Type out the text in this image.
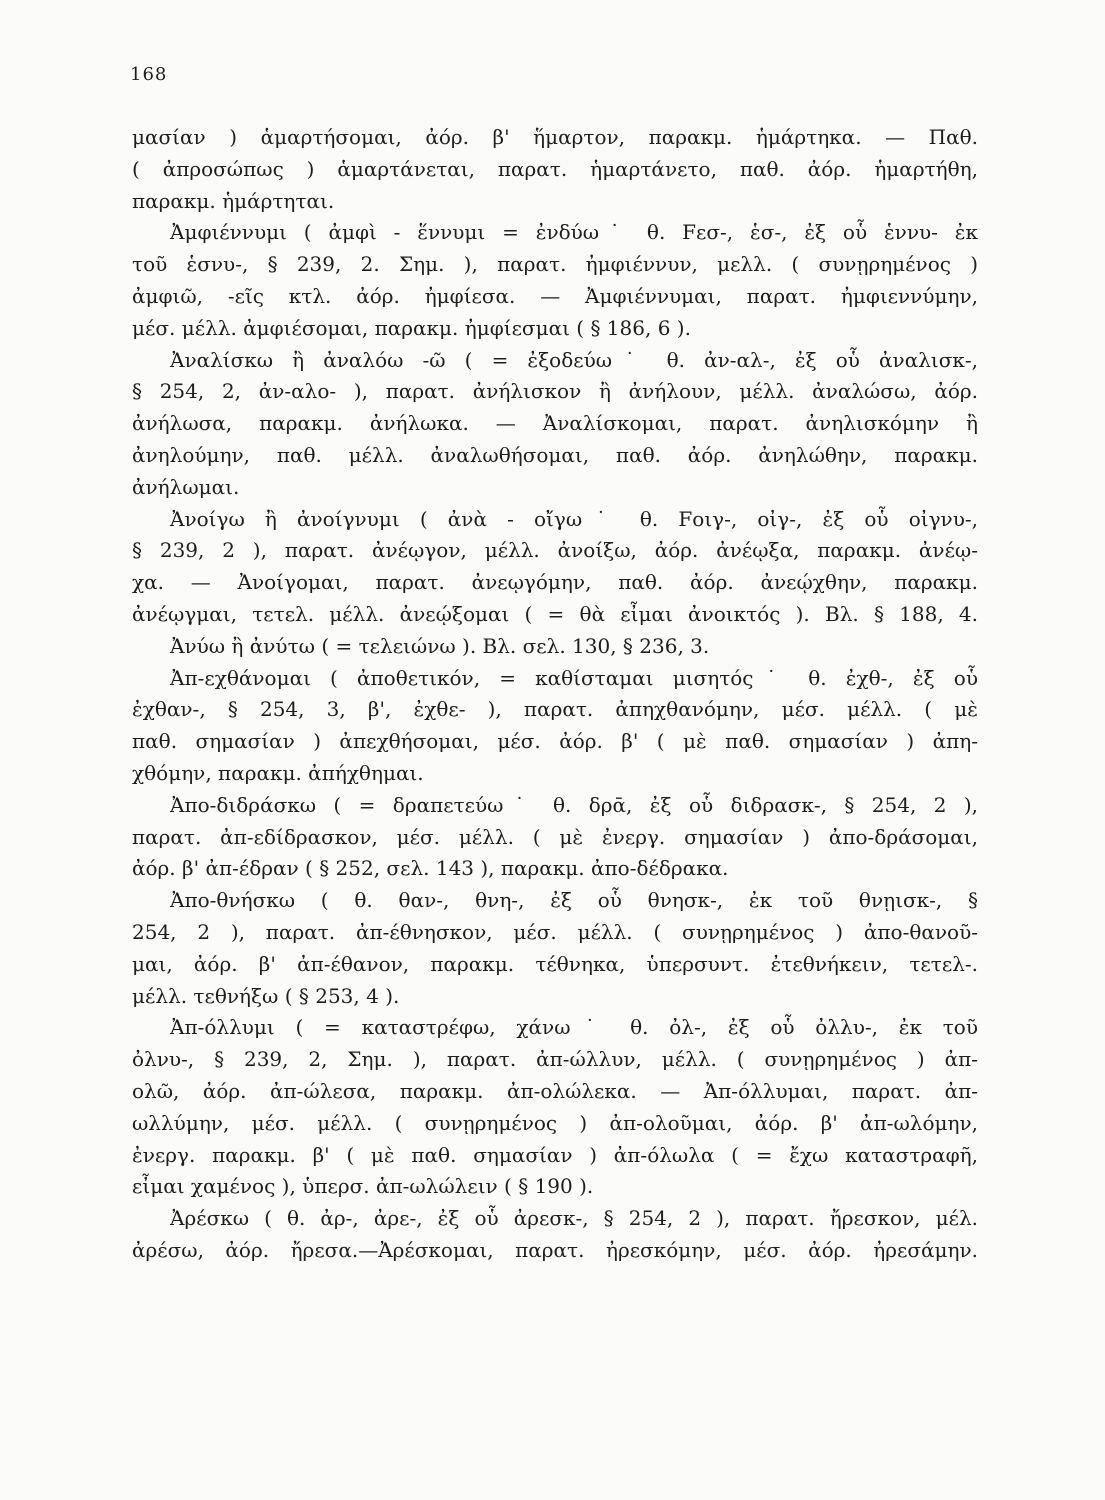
168
μασίαν ) ἁμαρτήσομαι, ἀόρ. β' ἥμαρτον, παρακμ. ἡμάρτηκα. — Παθ.
( ἀπροσώπως ) ἁμαρτάνεται, παρατ. ἡμαρτάνετο, παθ. ἀόρ. ἡμαρτήθη,
παρακμ. ἡμάρτηται.
Ἀμφιέννυμι ( ἀμφὶ - ἕννυμι = ἐνδύω˙ θ. Fεσ-, ἑσ-, ἐξ οὗ ἑννυ- ἐκ
τοῦ ἑσνυ-, § 239, 2. Σημ. ), παρατ. ἠμφιέννυν, μελλ. ( συνῃρημένος )
ἀμφιῶ, -εῖς κτλ. ἀόρ. ἠμφίεσα. — Ἀμφιέννυμαι, παρατ. ἠμφιεννύμην,
μέσ. μέλλ. ἀμφιέσομαι, παρακμ. ἠμφίεσμαι ( § 186, 6 ).
Ἀναλίσκω ἢ ἀναλόω -ῶ ( = ἐξοδεύω˙ θ. ἀν-αλ-, ἐξ οὗ ἀναλισκ-,
§ 254, 2, ἀν-αλο- ), παρατ. ἀνήλισκον ἢ ἀνήλουν, μέλλ. ἀναλώσω, ἀόρ.
ἀνήλωσα, παρακμ. ἀνήλωκα. — Ἀναλίσκομαι, παρατ. ἀνηλισκόμην ἢ
ἀνηλούμην, παθ. μέλλ. ἀναλωθήσομαι, παθ. ἀόρ. ἀνηλώθην, παρακμ.
ἀνήλωμαι.
Ἀνοίγω ἢ ἀνοίγνυμι ( ἀνὰ - οἴγω˙ θ. Fοιγ-, οἰγ-, ἐξ οὗ οἰγνυ-,
§ 239, 2 ), παρατ. ἀνέῳγον, μέλλ. ἀνοίξω, ἀόρ. ἀνέῳξα, παρακμ. ἀνέῳ-
χα. — Ἀνοίγομαι, παρατ. ἀνεῳγόμην, παθ. ἀόρ. ἀνεῴχθην, παρακμ.
ἀνέῳγμαι, τετελ. μέλλ. ἀνεῴξομαι ( = θὰ εἶμαι ἀνοικτός ). Βλ. § 188, 4.
Ἀνύω ἢ ἀνύτω ( = τελειώνω ). Βλ. σελ. 130, § 236, 3.
Ἀπ-εχθάνομαι ( ἀποθετικόν, = καθίσταμαι μισητός˙ θ. ἐχθ-, ἐξ οὗ
ἐχθαν-, § 254, 3, β', ἐχθε- ), παρατ. ἀπηχθανόμην, μέσ. μέλλ. ( μὲ
παθ. σημασίαν ) ἀπεχθήσομαι, μέσ. ἀόρ. β' ( μὲ παθ. σημασίαν ) ἀπη-
χθόμην, παρακμ. ἀπήχθημαι.
Ἀπο-διδράσκω ( = δραπετεύω˙ θ. δρᾱ, ἐξ οὗ διδρασκ-, § 254, 2 ),
παρατ. ἀπ-εδίδρασκον, μέσ. μέλλ. ( μὲ ἐνεργ. σημασίαν ) ἀπο-δράσομαι,
ἀόρ. β' ἀπ-έδραν ( § 252, σελ. 143 ), παρακμ. ἀπο-δέδρακα.
Ἀπο-θνήσκω ( θ. θαν-, θνη-, ἐξ οὗ θνησκ-, ἐκ τοῦ θνῃισκ-, §
254, 2 ), παρατ. ἀπ-έθνησκον, μέσ. μέλλ. ( συνῃρημένος ) ἀπο-θανοῦ-
μαι, ἀόρ. β' ἀπ-έθανον, παρακμ. τέθνηκα, ὑπερσυντ. ἐτεθνήκειν, τετελ-.
μέλλ. τεθνήξω ( § 253, 4 ).
Ἀπ-όλλυμι ( = καταστρέφω, χάνω˙ θ. ὀλ-, ἐξ οὗ ὀλλυ-, ἐκ τοῦ
ὀλνυ-, § 239, 2, Σημ. ), παρατ. ἀπ-ώλλυν, μέλλ. ( συνῃρημένος ) ἀπ-
ολῶ, ἀόρ. ἀπ-ώλεσα, παρακμ. ἀπ-ολώλεκα. — Ἀπ-όλλυμαι, παρατ. ἀπ-
ωλλύμην, μέσ. μέλλ. ( συνῃρημένος ) ἀπ-ολοῦμαι, ἀόρ. β' ἀπ-ωλόμην,
ἐνεργ. παρακμ. β' ( μὲ παθ. σημασίαν ) ἀπ-όλωλα ( = ἔχω καταστραφῆ,
εἶμαι χαμένος ), ὑπερσ. ἀπ-ωλώλειν ( § 190 ).
Ἀρέσκω ( θ. ἀρ-, ἀρε-, ἐξ οὗ ἀρεσκ-, § 254, 2 ), παρατ. ἤρεσκον, μέλ.
ἀρέσω, ἀόρ. ἤρεσα.—Ἀρέσκομαι, παρατ. ἠρεσκόμην, μέσ. ἀόρ. ἠρεσάμην.
